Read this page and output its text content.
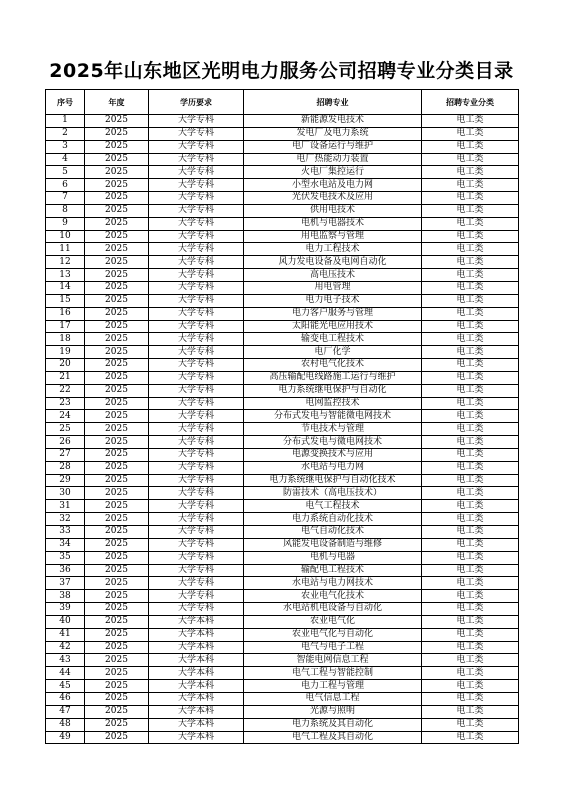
2025年山东地区光明电力服务公司招聘专业分类目录
序号	年度	学历要求	招聘专业	招聘专业分类
1	2025	大学专科	新能源发电技术	电工类
2	2025	大学专科	发电厂及电力系统	电工类
3	2025	大学专科	电厂设备运行与维护	电工类
4	2025	大学专科	电厂热能动力装置	电工类
5	2025	大学专科	火电厂集控运行	电工类
6	2025	大学专科	小型水电站及电力网	电工类
7	2025	大学专科	光伏发电技术及应用	电工类
8	2025	大学专科	供用电技术	电工类
9	2025	大学专科	电机与电器技术	电工类
10	2025	大学专科	用电监察与管理	电工类
11	2025	大学专科	电力工程技术	电工类
12	2025	大学专科	风力发电设备及电网自动化	电工类
13	2025	大学专科	高电压技术	电工类
14	2025	大学专科	用电管理	电工类
15	2025	大学专科	电力电子技术	电工类
16	2025	大学专科	电力客户服务与管理	电工类
17	2025	大学专科	太阳能光电应用技术	电工类
18	2025	大学专科	输变电工程技术	电工类
19	2025	大学专科	电厂化学	电工类
20	2025	大学专科	农村电气化技术	电工类
21	2025	大学专科	高压输配电线路施工运行与维护	电工类
22	2025	大学专科	电力系统继电保护与自动化	电工类
23	2025	大学专科	电网监控技术	电工类
24	2025	大学专科	分布式发电与智能微电网技术	电工类
25	2025	大学专科	节电技术与管理	电工类
26	2025	大学专科	分布式发电与微电网技术	电工类
27	2025	大学专科	电源变换技术与应用	电工类
28	2025	大学专科	水电站与电力网	电工类
29	2025	大学专科	电力系统继电保护与自动化技术	电工类
30	2025	大学专科	防雷技术（高电压技术）	电工类
31	2025	大学专科	电气工程技术	电工类
32	2025	大学专科	电力系统自动化技术	电工类
33	2025	大学专科	电气自动化技术	电工类
34	2025	大学专科	风能发电设备制造与维修	电工类
35	2025	大学专科	电机与电器	电工类
36	2025	大学专科	输配电工程技术	电工类
37	2025	大学专科	水电站与电力网技术	电工类
38	2025	大学专科	农业电气化技术	电工类
39	2025	大学专科	水电站机电设备与自动化	电工类
40	2025	大学本科	农业电气化	电工类
41	2025	大学本科	农业电气化与自动化	电工类
42	2025	大学本科	电气与电子工程	电工类
43	2025	大学本科	智能电网信息工程	电工类
44	2025	大学本科	电气工程与智能控制	电工类
45	2025	大学本科	电力工程与管理	电工类
46	2025	大学本科	电气信息工程	电工类
47	2025	大学本科	光源与照明	电工类
48	2025	大学本科	电力系统及其自动化	电工类
49	2025	大学本科	电气工程及其自动化	电工类
